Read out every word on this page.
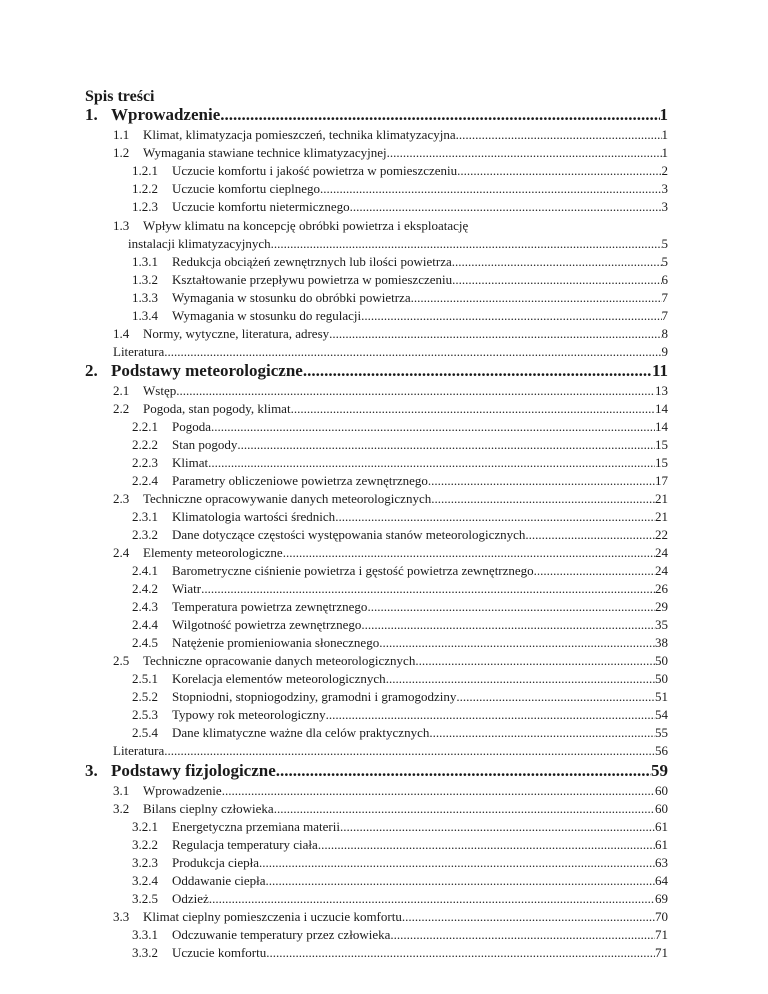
Spis treści
1. Wprowadzenie .....	1
1.1	Klimat, klimatyzacja pomieszczeń, technika klimatyzacyjna .....	1
1.2	Wymagania stawiane technice klimatyzacyjnej .....	1
1.2.1	Uczucie komfortu i jakość powietrza w pomieszczeniu .....	2
1.2.2	Uczucie komfortu cieplnego .....	3
1.2.3	Uczucie komfortu nietermicznego .....	3
1.3	Wpływ klimatu na koncepcję obróbki powietrza i eksploatację
instalacji klimatyzacyjnych .....	5
1.3.1	Redukcja obciążeń zewnętrznych lub ilości powietrza .....	5
1.3.2	Kształtowanie przepływu powietrza w pomieszczeniu .....	6
1.3.3	Wymagania w stosunku do obróbki powietrza .....	7
1.3.4	Wymagania w stosunku do regulacji .....	7
1.4	Normy, wytyczne, literatura, adresy .....	8
Literatura .....	9
2. Podstawy meteorologiczne .....	11
2.1	Wstęp .....	13
2.2	Pogoda, stan pogody, klimat .....	14
2.2.1	Pogoda .....	14
2.2.2	Stan pogody .....	15
2.2.3	Klimat .....	15
2.2.4	Parametry obliczeniowe powietrza zewnętrznego .....	17
2.3	Techniczne opracowywanie danych meteorologicznych .....	21
2.3.1	Klimatologia wartości średnich .....	21
2.3.2	Dane dotyczące częstości występowania stanów meteorologicznych .....	22
2.4	Elementy meteorologiczne .....	24
2.4.1	Barometryczne ciśnienie powietrza i gęstość powietrza zewnętrznego .....	24
2.4.2	Wiatr .....	26
2.4.3	Temperatura powietrza zewnętrznego .....	29
2.4.4	Wilgotność powietrza zewnętrznego .....	35
2.4.5	Natężenie promieniowania słonecznego .....	38
2.5	Techniczne opracowanie danych meteorologicznych .....	50
2.5.1	Korelacja elementów meteorologicznych .....	50
2.5.2	Stopniodni, stopniogodziny, gramodni i gramogodziny .....	51
2.5.3	Typowy rok meteorologiczny .....	54
2.5.4	Dane klimatyczne ważne dla celów praktycznych .....	55
Literatura .....	56
3. Podstawy fizjologiczne .....	59
3.1	Wprowadzenie .....	60
3.2	Bilans cieplny człowieka .....	60
3.2.1	Energetyczna przemiana materii .....	61
3.2.2	Regulacja temperatury ciała .....	61
3.2.3	Produkcja ciepła .....	63
3.2.4	Oddawanie ciepła .....	64
3.2.5	Odzież .....	69
3.3	Klimat cieplny pomieszczenia i uczucie komfortu .....	70
3.3.1	Odczuwanie temperatury przez człowieka .....	71
3.3.2	Uczucie komfortu .....	71
